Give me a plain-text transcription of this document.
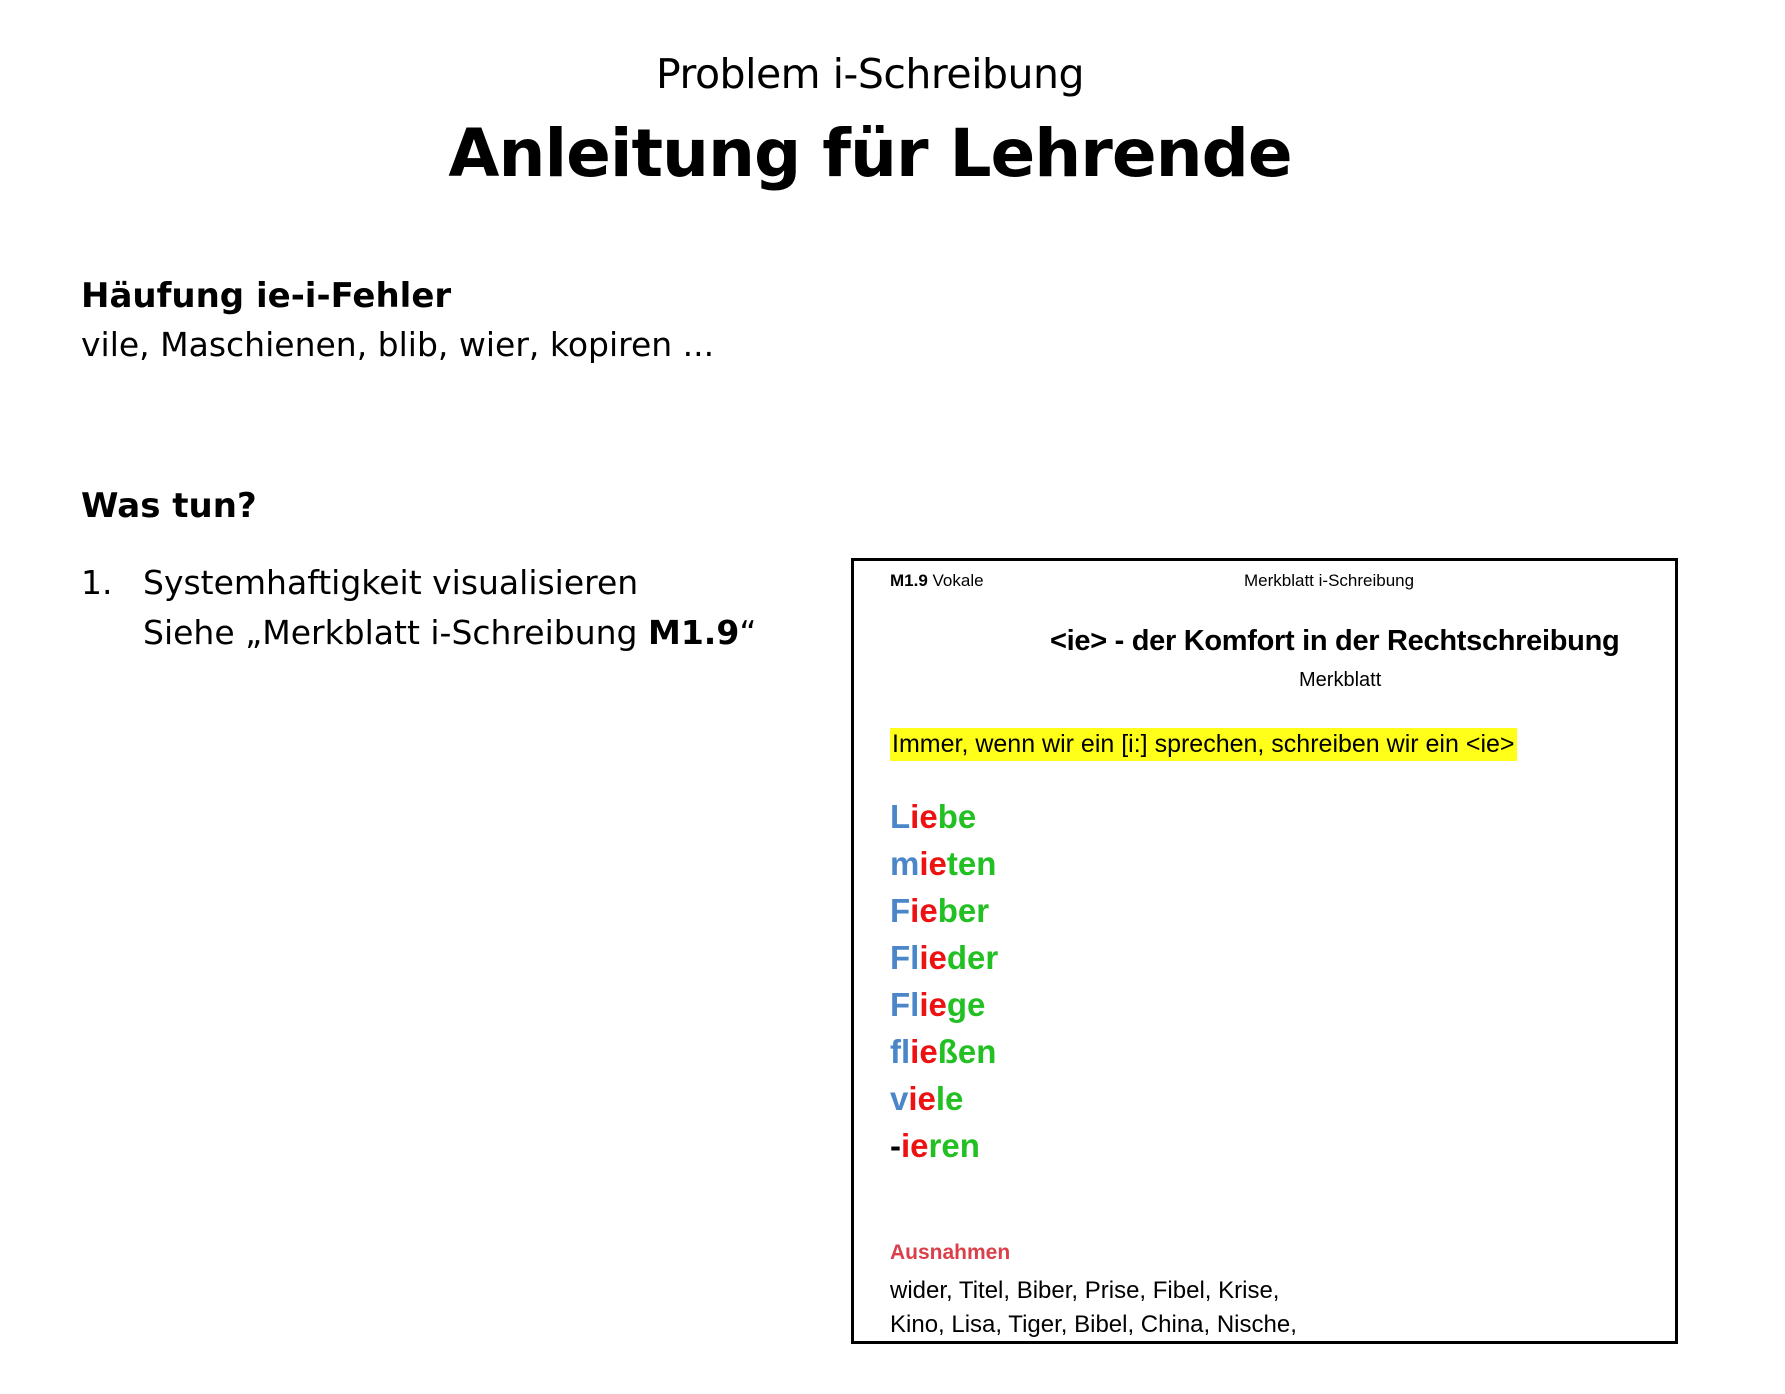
Problem i-Schreibung
Anleitung für Lehrende
Häufung ie-i-Fehler
vile, Maschienen, blib, wier, kopiren ...
Was tun?
1. Systemhaftigkeit visualisieren
Siehe „Merkblatt i-Schreibung M1.9“
M1.9 Vokale	Merkblatt i-Schreibung
<ie> - der Komfort in der Rechtschreibung
Merkblatt
Immer, wenn wir ein [i:] sprechen, schreiben wir ein <ie>
Liebe
mieten
Fieber
Flieder
Fliege
fließen
viele
-ieren
Ausnahmen
wider, Titel, Biber, Prise, Fibel, Krise,
Kino, Lisa, Tiger, Bibel, China, Nische,
